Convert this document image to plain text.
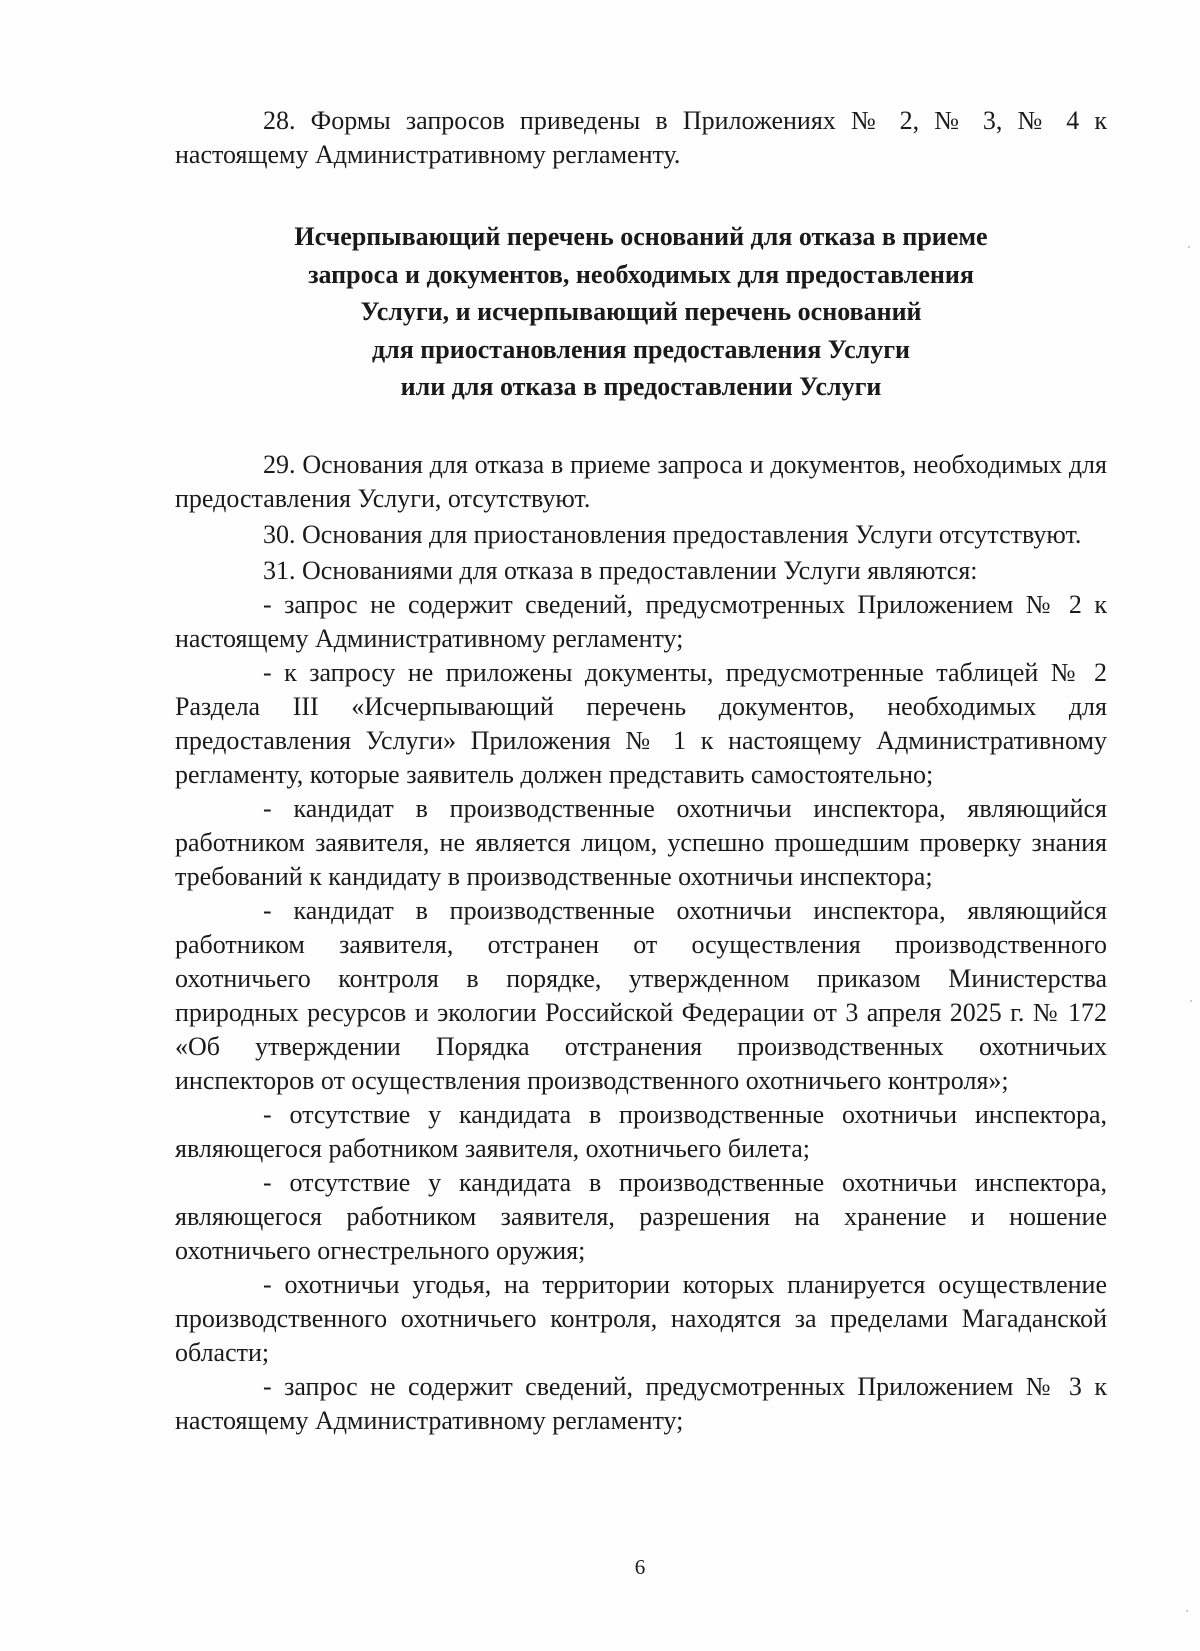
28. Формы запросов приведены в Приложениях № 2, № 3, № 4 к настоящему Административному регламенту.

Исчерпывающий перечень оснований для отказа в приеме
запроса и документов, необходимых для предоставления
Услуги, и исчерпывающий перечень оснований
для приостановления предоставления Услуги
или для отказа в предоставлении Услуги

29. Основания для отказа в приеме запроса и документов, необходимых для предоставления Услуги, отсутствуют.

30. Основания для приостановления предоставления Услуги отсутствуют.

31. Основаниями для отказа в предоставлении Услуги являются:

- запрос не содержит сведений, предусмотренных Приложением № 2 к настоящему Административному регламенту;

- к запросу не приложены документы, предусмотренные таблицей № 2 Раздела III «Исчерпывающий перечень документов, необходимых для предоставления Услуги» Приложения № 1 к настоящему Административному регламенту, которые заявитель должен представить самостоятельно;

- кандидат в производственные охотничьи инспектора, являющийся работником заявителя, не является лицом, успешно прошедшим проверку знания требований к кандидату в производственные охотничьи инспектора;

- кандидат в производственные охотничьи инспектора, являющийся работником заявителя, отстранен от осуществления производственного охотничьего контроля в порядке, утвержденном приказом Министерства природных ресурсов и экологии Российской Федерации от 3 апреля 2025 г. № 172 «Об утверждении Порядка отстранения производственных охотничьих инспекторов от осуществления производственного охотничьего контроля»;

- отсутствие у кандидата в производственные охотничьи инспектора, являющегося работником заявителя, охотничьего билета;

- отсутствие у кандидата в производственные охотничьи инспектора, являющегося работником заявителя, разрешения на хранение и ношение охотничьего огнестрельного оружия;

- охотничьи угодья, на территории которых планируется осуществление производственного охотничьего контроля, находятся за пределами Магаданской области;

- запрос не содержит сведений, предусмотренных Приложением № 3 к настоящему Административному регламенту;

6
